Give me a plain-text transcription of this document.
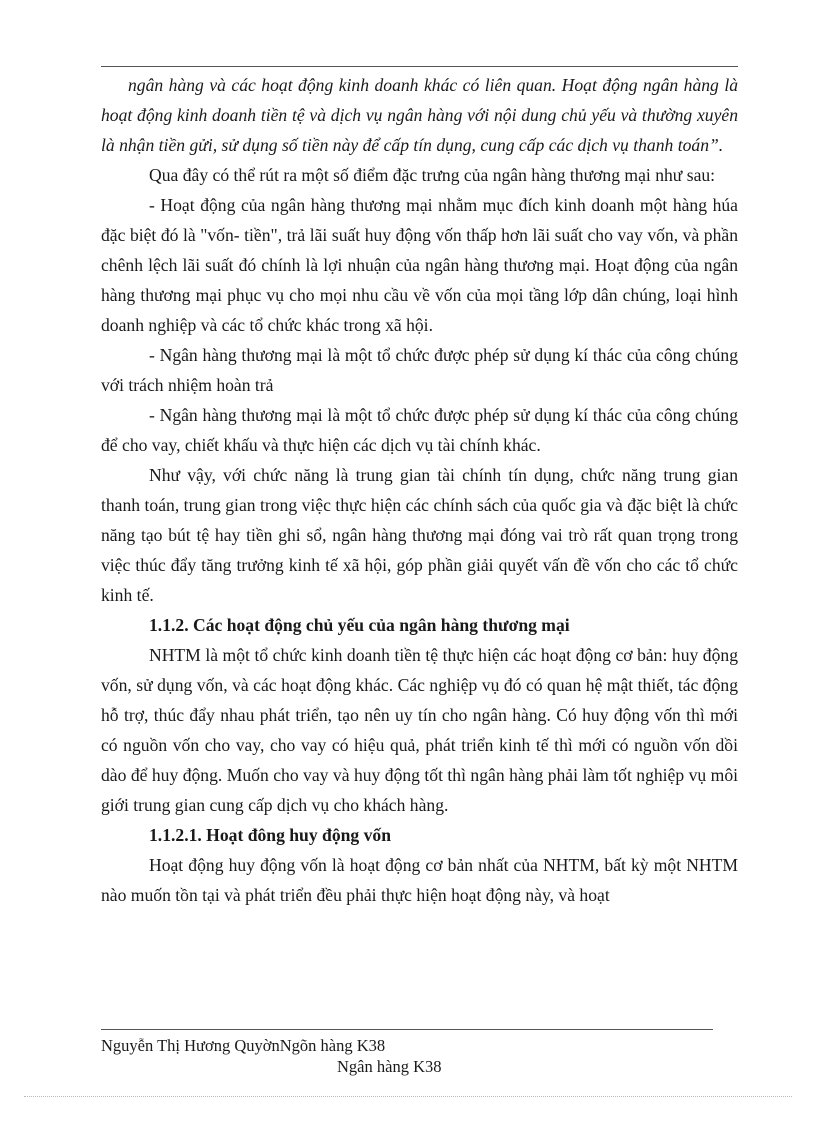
ngân hàng và các hoạt động kinh doanh khác có liên quan. Hoạt động ngân hàng là hoạt động kinh doanh tiền tệ và dịch vụ ngân hàng với nội dung chủ yếu và thường xuyên là nhận tiền gửi, sử dụng số tiền này để cấp tín dụng, cung cấp các dịch vụ thanh toán”.

Qua đây có thể rút ra một số điểm đặc trưng của ngân hàng thương mại như sau:

- Hoạt động của ngân hàng thương mại nhằm mục đích kinh doanh một hàng húa đặc biệt đó là "vốn- tiền", trả lãi suất huy động vốn thấp hơn lãi suất cho vay vốn, và phần chênh lệch lãi suất đó chính là lợi nhuận của ngân hàng thương mại. Hoạt động của ngân hàng thương mại phục vụ cho mọi nhu cầu về vốn của mọi tầng lớp dân chúng, loại hình doanh nghiệp và các tổ chức khác trong xã hội.

- Ngân hàng thương mại là một tổ chức được phép sử dụng kí thác của công chúng với trách nhiệm hoàn trả

- Ngân hàng thương mại là một tổ chức được phép sử dụng kí thác của công chúng để cho vay, chiết khấu và thực hiện các dịch vụ tài chính khác.

Như vậy, với chức năng là trung gian tài chính tín dụng, chức năng trung gian thanh toán, trung gian trong việc thực hiện các chính sách của quốc gia và đặc biệt là chức năng tạo bút tệ hay tiền ghi sổ, ngân hàng thương mại đóng vai trò rất quan trọng trong việc thúc đẩy tăng trưởng kinh tế xã hội, góp phần giải quyết vấn đề vốn cho các tổ chức kinh tế.

1.1.2. Các hoạt động chủ yếu của ngân hàng thương mại

NHTM là một tổ chức kinh doanh tiền tệ thực hiện các hoạt động cơ bản: huy động vốn, sử dụng vốn, và các hoạt động khác. Các nghiệp vụ đó có quan hệ mật thiết, tác động hỗ trợ, thúc đẩy nhau phát triển, tạo nên uy tín cho ngân hàng. Có huy động vốn thì mới có nguồn vốn cho vay, cho vay có hiệu quả, phát triển kinh tế thì mới có nguồn vốn dồi dào để huy động. Muốn cho vay và huy động tốt thì ngân hàng phải làm tốt nghiệp vụ môi giới trung gian cung cấp dịch vụ cho khách hàng.

1.1.2.1. Hoạt đông huy động vốn

Hoạt động huy động vốn là hoạt động cơ bản nhất của NHTM, bất kỳ một NHTM nào muốn tồn tại và phát triển đều phải thực hiện hoạt động này, và hoạt

Nguyễn Thị Hương QuyờnNgõn hàng K38
Ngân hàng K38
